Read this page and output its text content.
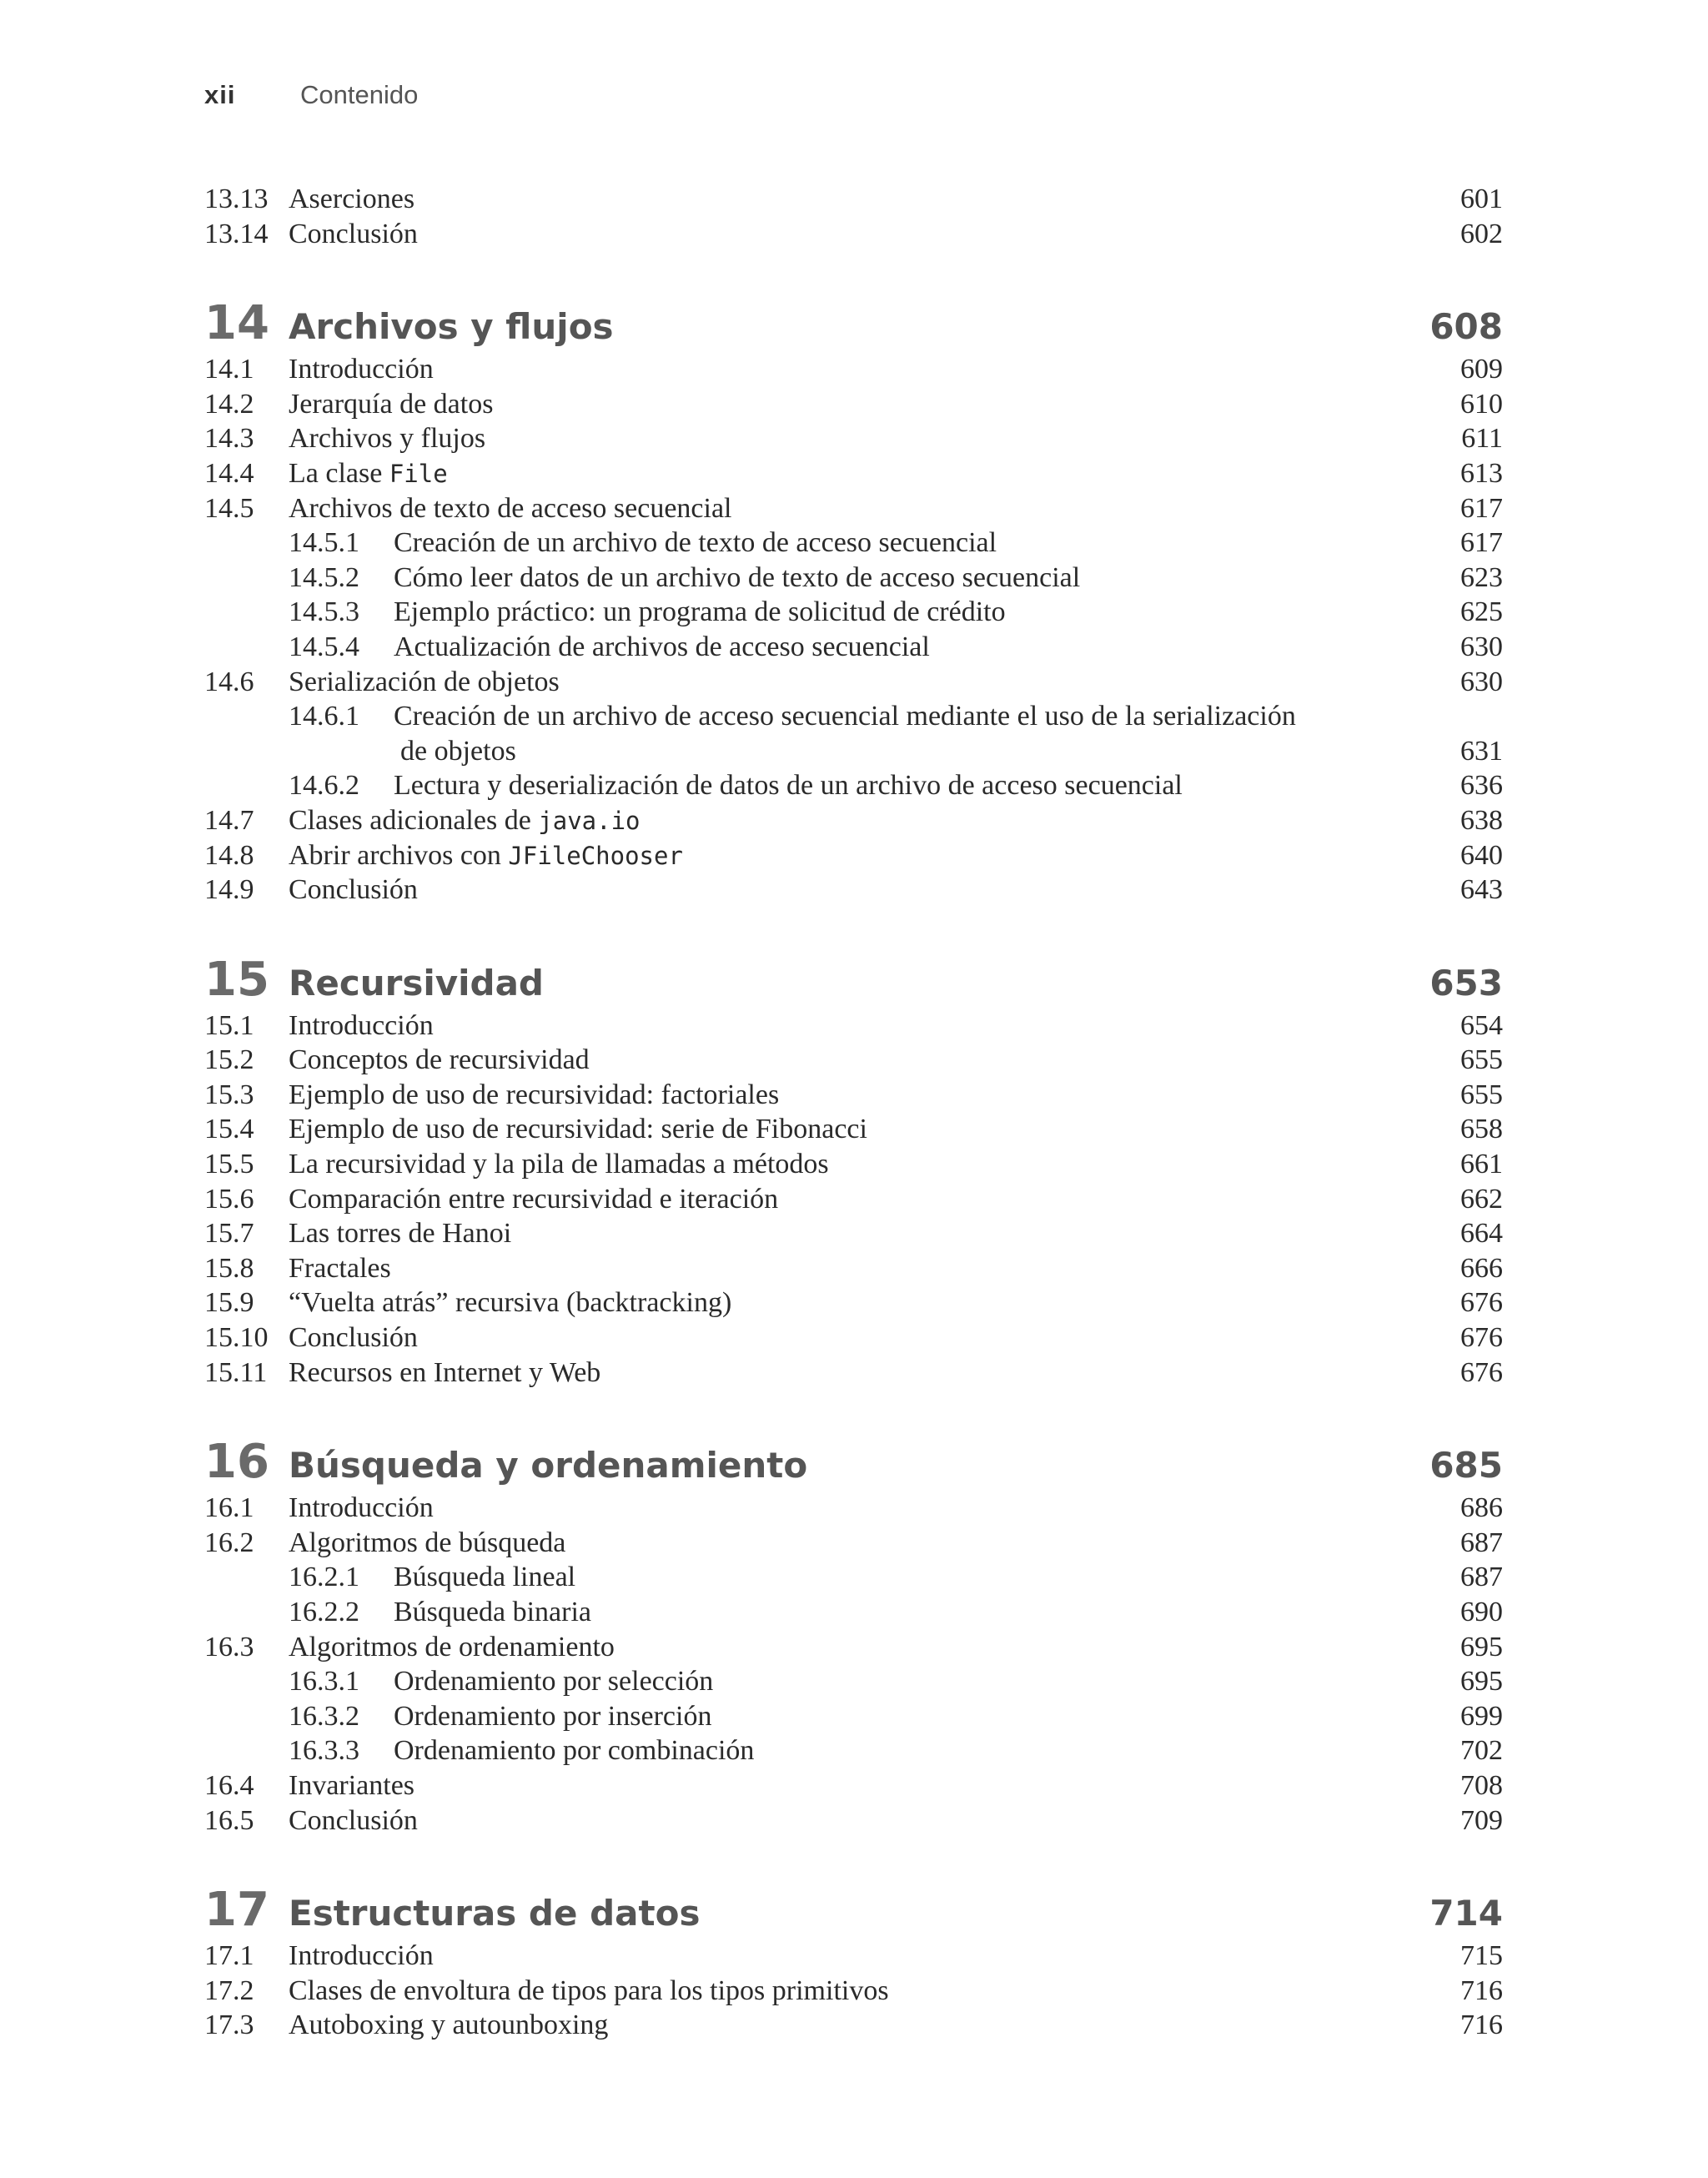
xii	Contenido
13.13 Aserciones	601
13.14 Conclusión	602
14 Archivos y flujos	608
14.1 Introducción	609
14.2 Jerarquía de datos	610
14.3 Archivos y flujos	611
14.4 La clase File	613
14.5 Archivos de texto de acceso secuencial	617
14.5.1 Creación de un archivo de texto de acceso secuencial	617
14.5.2 Cómo leer datos de un archivo de texto de acceso secuencial	623
14.5.3 Ejemplo práctico: un programa de solicitud de crédito	625
14.5.4 Actualización de archivos de acceso secuencial	630
14.6 Serialización de objetos	630
14.6.1 Creación de un archivo de acceso secuencial mediante el uso de la serialización
de objetos	631
14.6.2 Lectura y deserialización de datos de un archivo de acceso secuencial	636
14.7 Clases adicionales de java.io	638
14.8 Abrir archivos con JFileChooser	640
14.9 Conclusión	643
15 Recursividad	653
15.1 Introducción	654
15.2 Conceptos de recursividad	655
15.3 Ejemplo de uso de recursividad: factoriales	655
15.4 Ejemplo de uso de recursividad: serie de Fibonacci	658
15.5 La recursividad y la pila de llamadas a métodos	661
15.6 Comparación entre recursividad e iteración	662
15.7 Las torres de Hanoi	664
15.8 Fractales	666
15.9 “Vuelta atrás” recursiva (backtracking)	676
15.10 Conclusión	676
15.11 Recursos en Internet y Web	676
16 Búsqueda y ordenamiento	685
16.1 Introducción	686
16.2 Algoritmos de búsqueda	687
16.2.1 Búsqueda lineal	687
16.2.2 Búsqueda binaria	690
16.3 Algoritmos de ordenamiento	695
16.3.1 Ordenamiento por selección	695
16.3.2 Ordenamiento por inserción	699
16.3.3 Ordenamiento por combinación	702
16.4 Invariantes	708
16.5 Conclusión	709
17 Estructuras de datos	714
17.1 Introducción	715
17.2 Clases de envoltura de tipos para los tipos primitivos	716
17.3 Autoboxing y autounboxing	716
